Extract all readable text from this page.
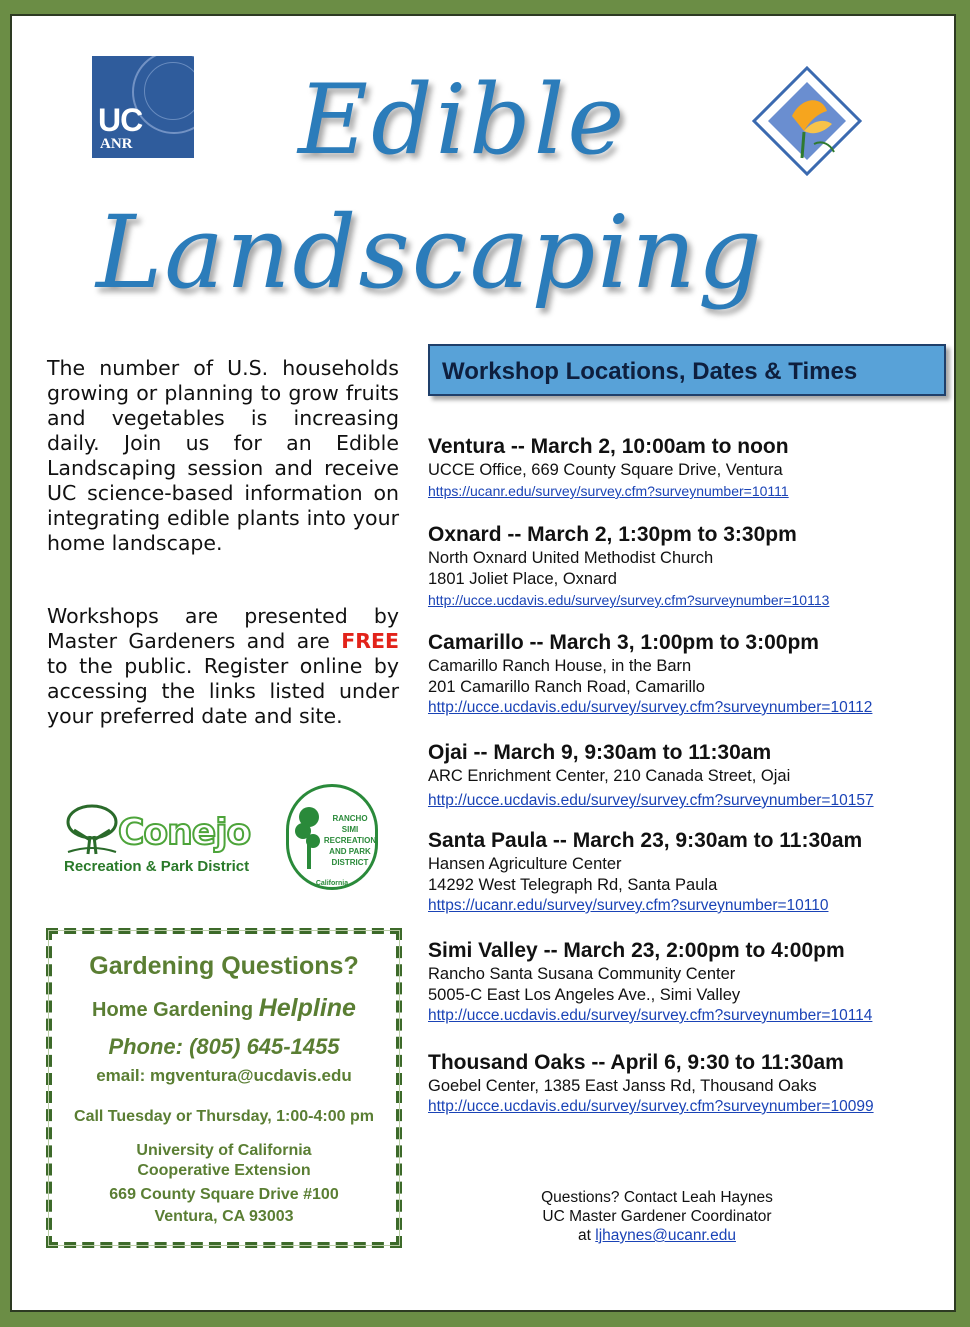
UC
ANR Edible
Landscaping
The number of U.S. households growing or planning to grow fruits and vegetables is increasing daily. Join us for an Edible Landscaping session and receive UC science-based information on integrating edible plants into your home landscape.
Workshops are presented by Master Gardeners and are FREE to the public. Register online by accessing the links listed under your preferred date and site.
Conejo
Recreation & Park District
RANCHO
SIMI
RECREATION
AND PARK
DISTRICT
California
Gardening Questions?
Home Gardening Helpline
Phone: (805) 645-1455
email: mgventura@ucdavis.edu
Call Tuesday or Thursday, 1:00-4:00 pm
University of California
Cooperative Extension
669 County Square Drive #100
Ventura, CA 93003
Workshop Locations, Dates & Times
Ventura -- March 2, 10:00am to noon
UCCE Office, 669 County Square Drive, Ventura
https://ucanr.edu/survey/survey.cfm?surveynumber=10111
Oxnard -- March 2, 1:30pm to 3:30pm
North Oxnard United Methodist Church
1801 Joliet Place, Oxnard
http://ucce.ucdavis.edu/survey/survey.cfm?surveynumber=10113
Camarillo -- March 3, 1:00pm to 3:00pm
Camarillo Ranch House, in the Barn
201 Camarillo Ranch Road, Camarillo
http://ucce.ucdavis.edu/survey/survey.cfm?surveynumber=10112
Ojai -- March 9, 9:30am to 11:30am
ARC Enrichment Center, 210 Canada Street, Ojai
http://ucce.ucdavis.edu/survey/survey.cfm?surveynumber=10157
Santa Paula -- March 23, 9:30am to 11:30am
Hansen Agriculture Center
14292 West Telegraph Rd, Santa Paula
https://ucanr.edu/survey/survey.cfm?surveynumber=10110
Simi Valley -- March 23, 2:00pm to 4:00pm
Rancho Santa Susana Community Center
5005-C East Los Angeles Ave., Simi Valley
http://ucce.ucdavis.edu/survey/survey.cfm?surveynumber=10114
Thousand Oaks -- April 6, 9:30 to 11:30am
Goebel Center, 1385 East Janss Rd, Thousand Oaks
http://ucce.ucdavis.edu/survey/survey.cfm?surveynumber=10099
Questions? Contact Leah Haynes
UC Master Gardener Coordinator
at ljhaynes@ucanr.edu
